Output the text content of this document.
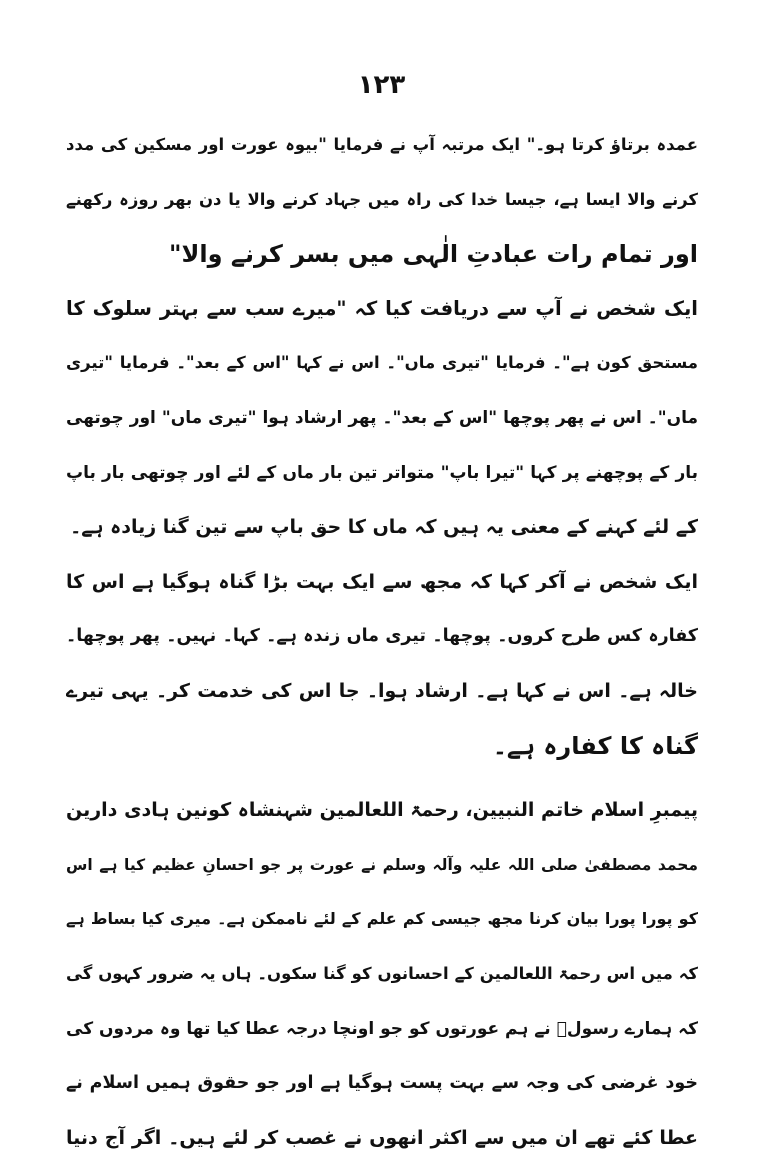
۱۲۳
عمدہ برتاؤ کرتا ہو۔" ایک مرتبہ آپ نے فرمایا "بیوہ عورت اور مسکین کی مدد
کرنے والا ایسا ہے، جیسا خدا کی راہ میں جہاد کرنے والا یا دن بھر روزہ رکھنے
اور تمام رات عبادتِ الٰہی میں بسر کرنے والا"
ایک شخص نے آپ سے دریافت کیا کہ "میرے سب سے بہتر سلوک کا
مستحق کون ہے"۔ فرمایا "تیری ماں"۔ اس نے کہا "اس کے بعد"۔ فرمایا "تیری
ماں"۔ اس نے پھر پوچھا "اس کے بعد"۔ پھر ارشاد ہوا "تیری ماں" اور چوتھی
بار کے پوچھنے پر کہا "تیرا باپ" متواتر تین بار ماں کے لئے اور چوتھی بار باپ
کے لئے کہنے کے معنی یہ ہیں کہ ماں کا حق باپ سے تین گنا زیادہ ہے۔
ایک شخص نے آکر کہا کہ مجھ سے ایک بہت بڑا گناہ ہوگیا ہے اس کا
کفارہ کس طرح کروں۔ پوچھا۔ تیری ماں زندہ ہے۔ کہا۔ نہیں۔ پھر پوچھا۔
خالہ ہے۔ اس نے کہا ہے۔ ارشاد ہوا۔ جا اس کی خدمت کر۔ یہی تیرے
گناہ کا کفارہ ہے۔
پیمبرِ اسلام خاتم النبیین، رحمۃ اللعالمین شہنشاہ کونین ہادی دارین
محمد مصطفیٰ صلی اللہ علیہ وآلہ وسلم نے عورت پر جو احسانِ عظیم کیا ہے اس
کو پورا پورا بیان کرنا مجھ جیسی کم علم کے لئے ناممکن ہے۔ میری کیا بساط ہے
کہ میں اس رحمۃ اللعالمین کے احسانوں کو گنا سکوں۔ ہاں یہ ضرور کہوں گی
کہ ہمارے رسولؐ نے ہم عورتوں کو جو اونچا درجہ عطا کیا تھا وہ مردوں کی
خود غرضی کی وجہ سے بہت پست ہوگیا ہے اور جو حقوق ہمیں اسلام نے
عطا کئے تھے ان میں سے اکثر انھوں نے غصب کر لئے ہیں۔ اگر آج دنیا
